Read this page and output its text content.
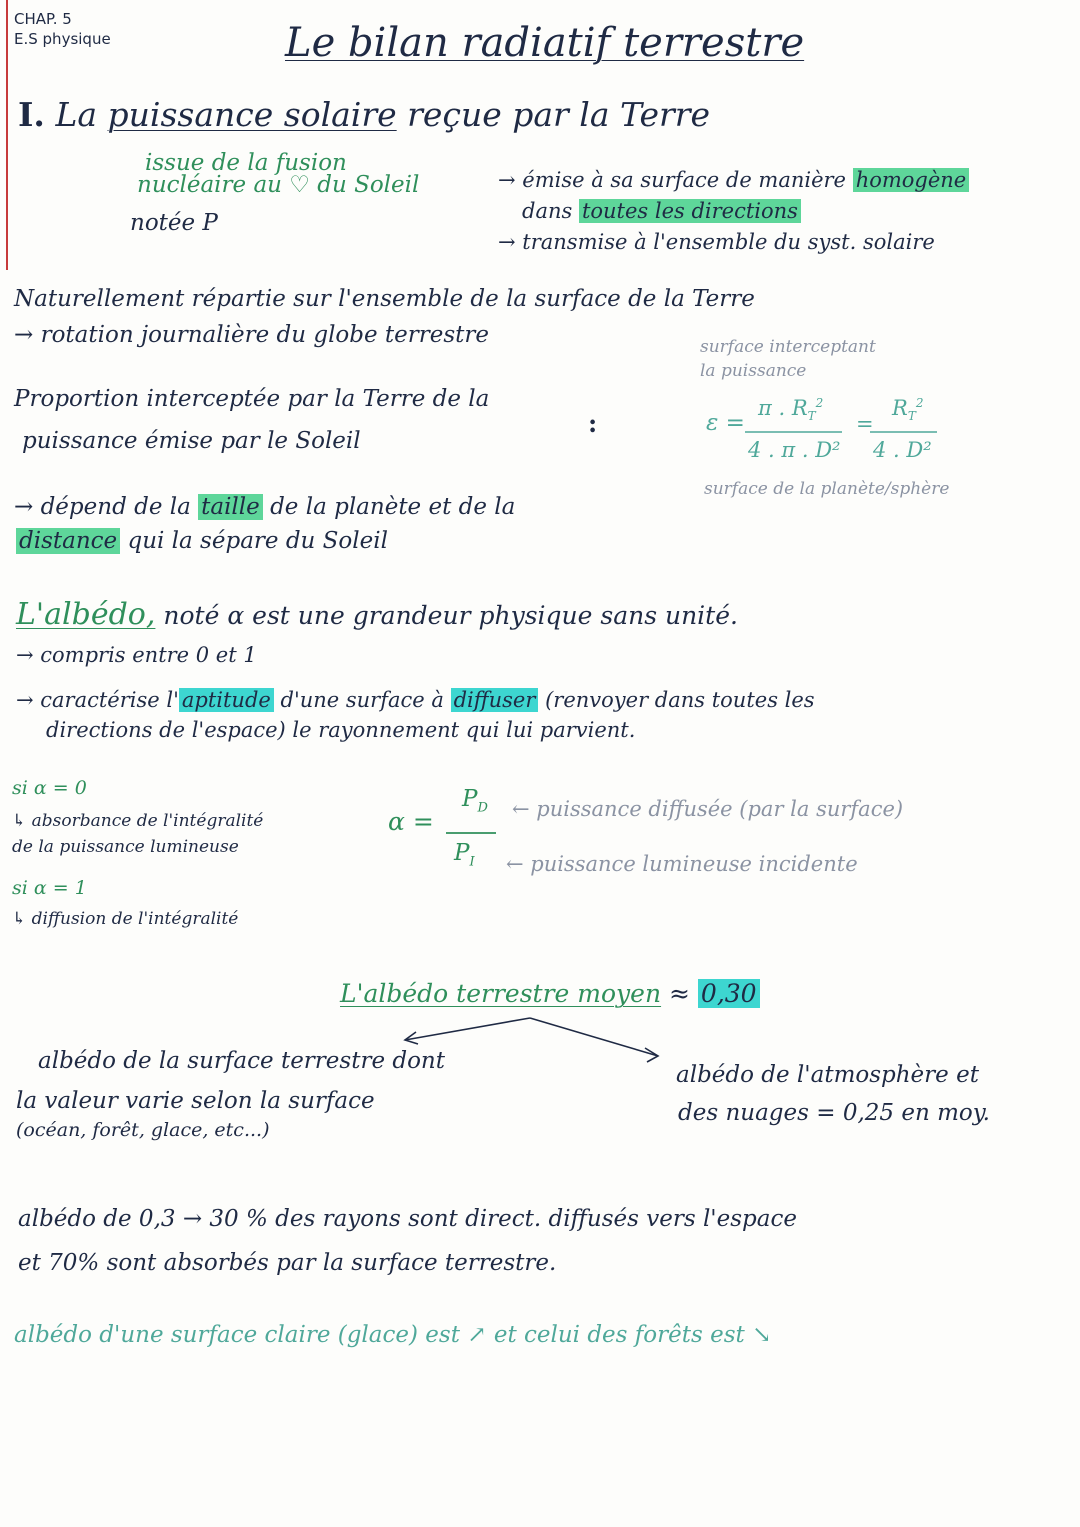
CHAP. 5
E.S physique	Le bilan radiatif terrestre
I. La puissance solaire reçue par la Terre
issue de la fusion
nucléaire au ♡ du Soleil
notée P
→ émise à sa surface de manière homogène
dans toutes les directions
→ transmise à l'ensemble du syst. solaire
Naturellement répartie sur l'ensemble de la surface de la Terre
→ rotation journalière du globe terrestre
Proportion interceptée par la Terre de la
puissance émise par le Soleil
:
surface interceptant
la puissance
ε =
π . $R_T^2$
4 . π . D²
=
$R_T^2$
4 . D²
surface de la planète/sphère
→ dépend de la taille de la planète et de la
distance qui la sépare du Soleil
L'albédo, noté α est une grandeur physique sans unité.
→ compris entre 0 et 1
→ caractérise l' aptitude d'une surface à diffuser (renvoyer dans toutes les
directions de l'espace) le rayonnement qui lui parvient.
si α = 0
↳ absorbance de l'intégralité
de la puissance lumineuse
si α = 1
↳ diffusion de l'intégralité
α =
$P_D$
$P_I$
← puissance diffusée (par la surface)
← puissance lumineuse incidente
L'albédo terrestre moyen ≈ 0,30
albédo de la surface terrestre dont
la valeur varie selon la surface
(océan, forêt, glace, etc...)
albédo de l'atmosphère et
des nuages = 0,25 en moy.
albédo de 0,3 → 30 % des rayons sont direct. diffusés vers l'espace
et 70% sont absorbés par la surface terrestre.
albédo d'une surface claire (glace) est ↗ et celui des forêts est ↘
